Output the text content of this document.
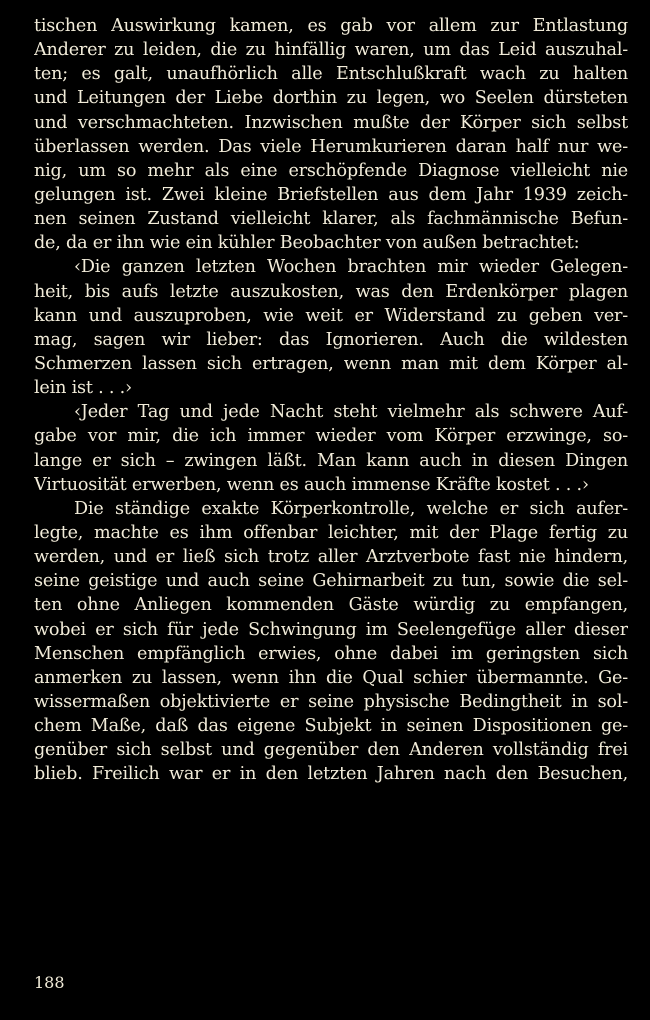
tischen Auswirkung kamen, es gab vor allem zur Entlastung
Anderer zu leiden, die zu hinfällig waren, um das Leid auszuhal-
ten; es galt, unaufhörlich alle Entschlußkraft wach zu halten
und Leitungen der Liebe dorthin zu legen, wo Seelen dürsteten
und verschmachteten. Inzwischen mußte der Körper sich selbst
überlassen werden. Das viele Herumkurieren daran half nur we-
nig, um so mehr als eine erschöpfende Diagnose vielleicht nie
gelungen ist. Zwei kleine Briefstellen aus dem Jahr 1939 zeich-
nen seinen Zustand vielleicht klarer, als fachmännische Befun-
de, da er ihn wie ein kühler Beobachter von außen betrachtet:
‹Die ganzen letzten Wochen brachten mir wieder Gelegen-
heit, bis aufs letzte auszukosten, was den Erdenkörper plagen
kann und auszuproben, wie weit er Widerstand zu geben ver-
mag, sagen wir lieber: das Ignorieren. Auch die wildesten
Schmerzen lassen sich ertragen, wenn man mit dem Körper al-
lein ist . . .›
‹Jeder Tag und jede Nacht steht vielmehr als schwere Auf-
gabe vor mir, die ich immer wieder vom Körper erzwinge, so-
lange er sich – zwingen läßt. Man kann auch in diesen Dingen
Virtuosität erwerben, wenn es auch immense Kräfte kostet . . .›
Die ständige exakte Körperkontrolle, welche er sich aufer-
legte, machte es ihm offenbar leichter, mit der Plage fertig zu
werden, und er ließ sich trotz aller Arztverbote fast nie hindern,
seine geistige und auch seine Gehirnarbeit zu tun, sowie die sel-
ten ohne Anliegen kommenden Gäste würdig zu empfangen,
wobei er sich für jede Schwingung im Seelengefüge aller dieser
Menschen empfänglich erwies, ohne dabei im geringsten sich
anmerken zu lassen, wenn ihn die Qual schier übermannte. Ge-
wissermaßen objektivierte er seine physische Bedingtheit in sol-
chem Maße, daß das eigene Subjekt in seinen Dispositionen ge-
genüber sich selbst und gegenüber den Anderen vollständig frei
blieb. Freilich war er in den letzten Jahren nach den Besuchen,
188
